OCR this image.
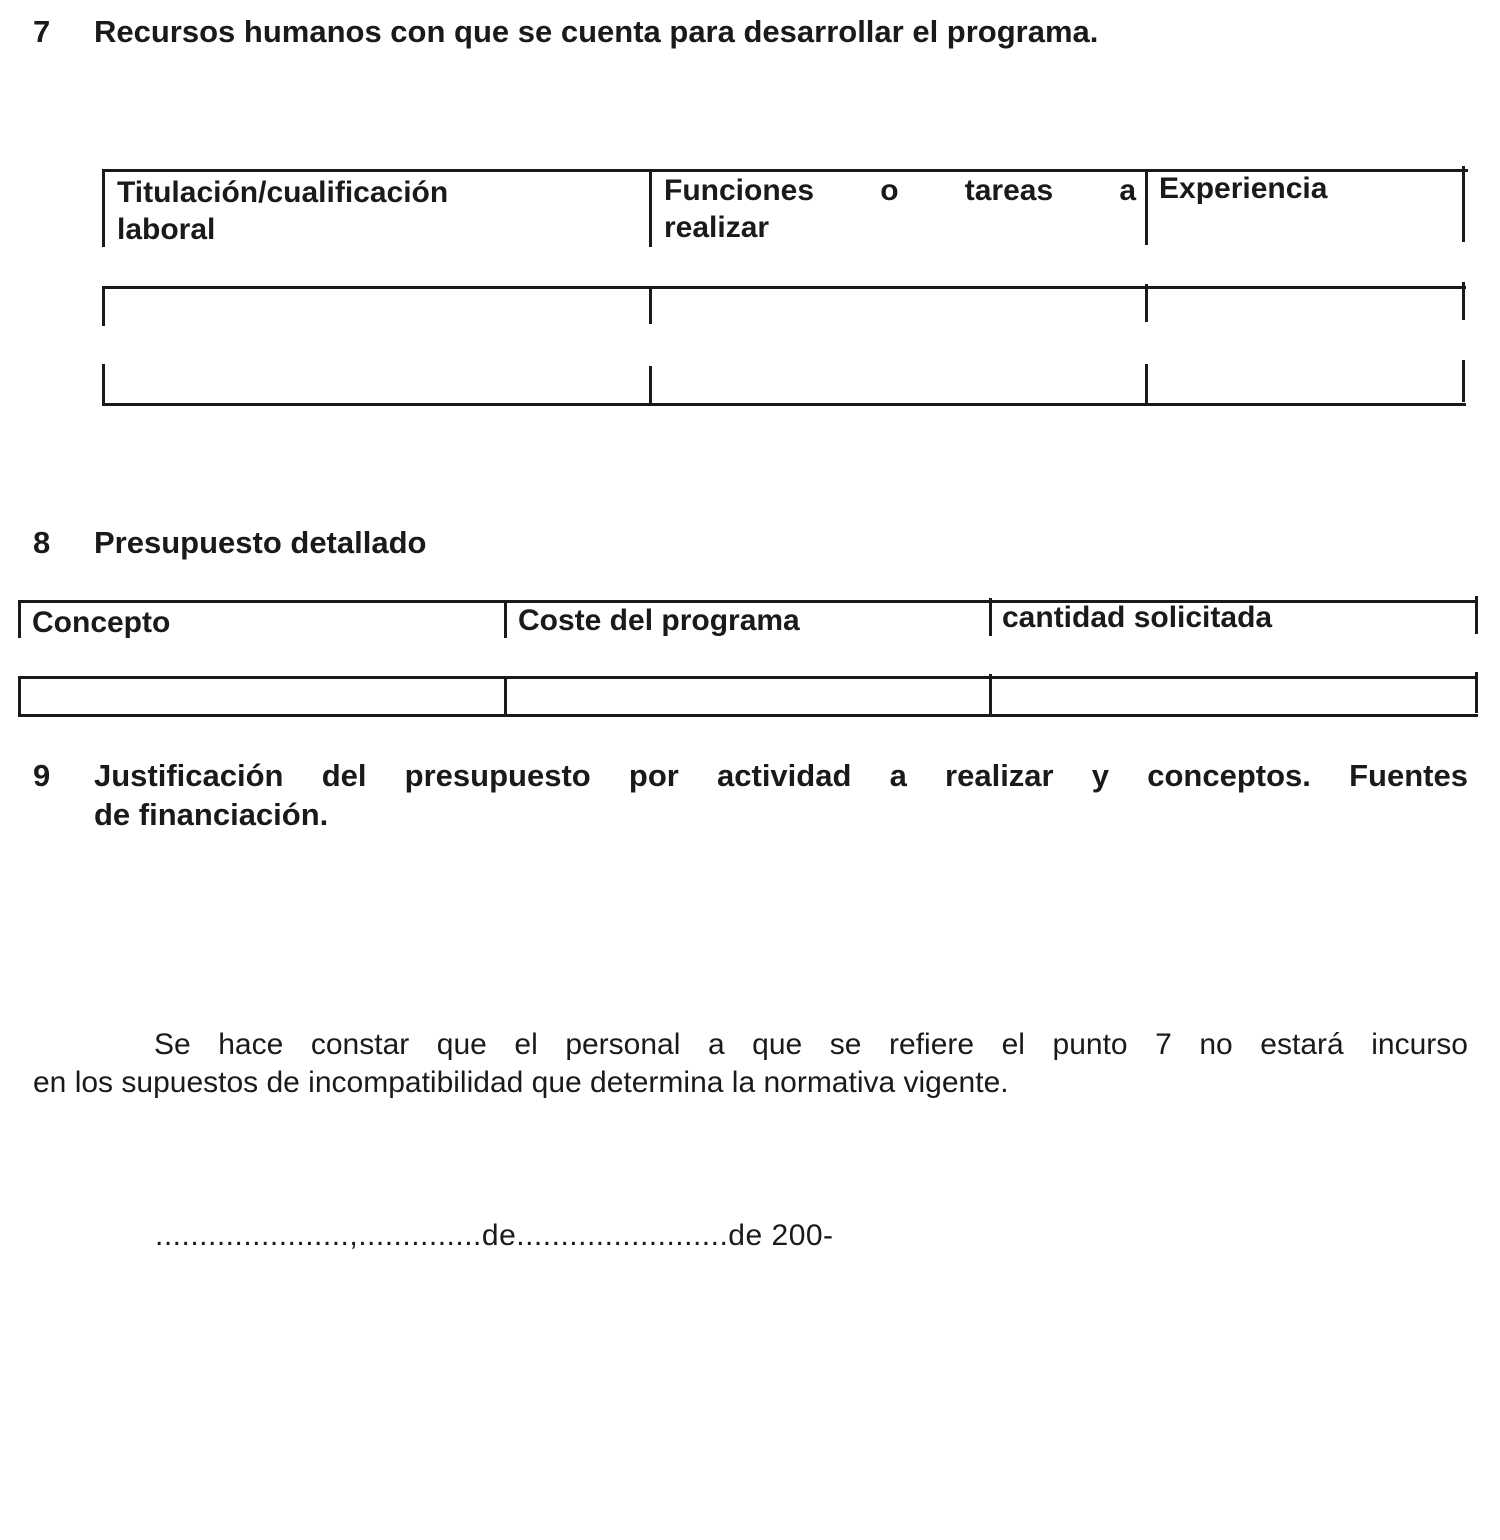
7 Recursos humanos con que se cuenta para desarrollar el programa.
Titulación/cualificación
laboral
Funciones o tareas a
realizar
Experiencia
8 Presupuesto detallado
Concepto	Coste del programa	cantidad solicitada
9 Justificación del presupuesto por actividad a realizar y conceptos. Fuentes
de financiación.
Se hace constar que el personal a que se refiere el punto 7 no estará incurso
en los supuestos de incompatibilidad que determina la normativa vigente.
......................,..............de........................de 200-
